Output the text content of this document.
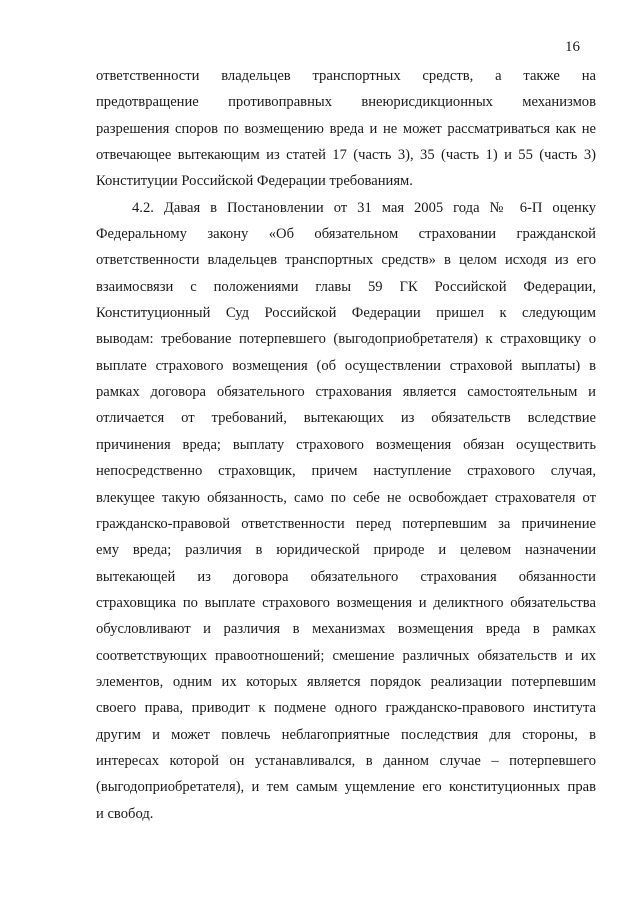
16
ответственности владельцев транспортных средств, а также на
предотвращение противоправных внеюрисдикционных механизмов
разрешения споров по возмещению вреда и не может рассматриваться как не
отвечающее вытекающим из статей 17 (часть 3), 35 (часть 1) и 55 (часть 3)
Конституции Российской Федерации требованиям.
4.2. Давая в Постановлении от 31 мая 2005 года № 6-П оценку
Федеральному закону «Об обязательном страховании гражданской
ответственности владельцев транспортных средств» в целом исходя из его
взаимосвязи с положениями главы 59 ГК Российской Федерации,
Конституционный Суд Российской Федерации пришел к следующим
выводам: требование потерпевшего (выгодоприобретателя) к страховщику о
выплате страхового возмещения (об осуществлении страховой выплаты) в
рамках договора обязательного страхования является самостоятельным и
отличается от требований, вытекающих из обязательств вследствие
причинения вреда; выплату страхового возмещения обязан осуществить
непосредственно страховщик, причем наступление страхового случая,
влекущее такую обязанность, само по себе не освобождает страхователя от
гражданско-правовой ответственности перед потерпевшим за причинение
ему вреда; различия в юридической природе и целевом назначении
вытекающей из договора обязательного страхования обязанности
страховщика по выплате страхового возмещения и деликтного обязательства
обусловливают и различия в механизмах возмещения вреда в рамках
соответствующих правоотношений; смешение различных обязательств и их
элементов, одним их которых является порядок реализации потерпевшим
своего права, приводит к подмене одного гражданско-правового института
другим и может повлечь неблагоприятные последствия для стороны, в
интересах которой он устанавливался, в данном случае – потерпевшего
(выгодоприобретателя), и тем самым ущемление его конституционных прав
и свобод.
